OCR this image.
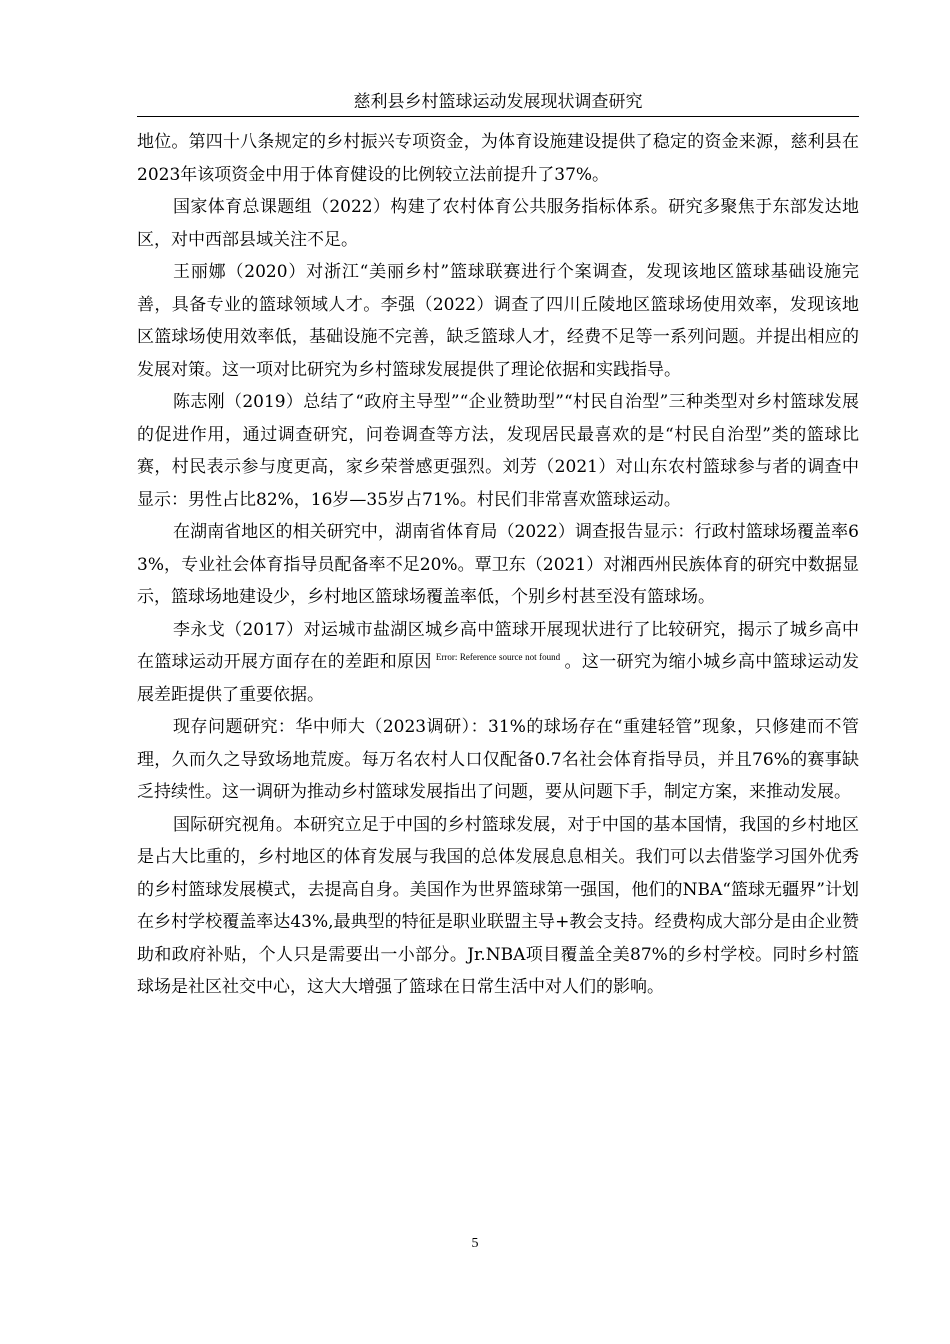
慈利县乡村篮球运动发展现状调查研究

地位。第四十八条规定的乡村振兴专项资金，为体育设施建设提供了稳定的资金来源，慈利县在2023年该项资金中用于体育健设的比例较立法前提升了37%。

国家体育总课题组（2022）构建了农村体育公共服务指标体系。研究多聚焦于东部发达地区，对中西部县域关注不足。

王丽娜（2020）对浙江“美丽乡村”篮球联赛进行个案调查，发现该地区篮球基础设施完善，具备专业的篮球领域人才。李强（2022）调查了四川丘陵地区篮球场使用效率，发现该地区篮球场使用效率低，基础设施不完善，缺乏篮球人才，经费不足等一系列问题。并提出相应的发展对策。这一项对比研究为乡村篮球发展提供了理论依据和实践指导。

陈志刚（2019）总结了“政府主导型”“企业赞助型”“村民自治型”三种类型对乡村篮球发展的促进作用，通过调查研究，问卷调查等方法，发现居民最喜欢的是“村民自治型”类的篮球比赛，村民表示参与度更高，家乡荣誉感更强烈。刘芳（2021）对山东农村篮球参与者的调查中显示：男性占比82%，16岁—35岁占71%。村民们非常喜欢篮球运动。

在湖南省地区的相关研究中，湖南省体育局（2022）调查报告显示：行政村篮球场覆盖率63%，专业社会体育指导员配备率不足20%。覃卫东（2021）对湘西州民族体育的研究中数据显示，篮球场地建设少，乡村地区篮球场覆盖率低，个别乡村甚至没有篮球场。

李永戈（2017）对运城市盐湖区城乡高中篮球开展现状进行了比较研究，揭示了城乡高中在篮球运动开展方面存在的差距和原因 $^{Error: Reference source not found}$ 。这一研究为缩小城乡高中篮球运动发展差距提供了重要依据。

现存问题研究：华中师大（2023调研）：31%的球场存在“重建轻管”现象，只修建而不管理，久而久之导致场地荒废。每万名农村人口仅配备0.7名社会体育指导员，并且76%的赛事缺乏持续性。这一调研为推动乡村篮球发展指出了问题，要从问题下手，制定方案，来推动发展。

国际研究视角。本研究立足于中国的乡村篮球发展，对于中国的基本国情，我国的乡村地区是占大比重的，乡村地区的体育发展与我国的总体发展息息相关。我们可以去借鉴学习国外优秀的乡村篮球发展模式，去提高自身。美国作为世界篮球第一强国，他们的NBA“篮球无疆界”计划在乡村学校覆盖率达43%,最典型的特征是职业联盟主导+教会支持。经费构成大部分是由企业赞助和政府补贴，个人只是需要出一小部分。Jr.NBA项目覆盖全美87%的乡村学校。同时乡村篮球场是社区社交中心，这大大增强了篮球在日常生活中对人们的影响。

5
